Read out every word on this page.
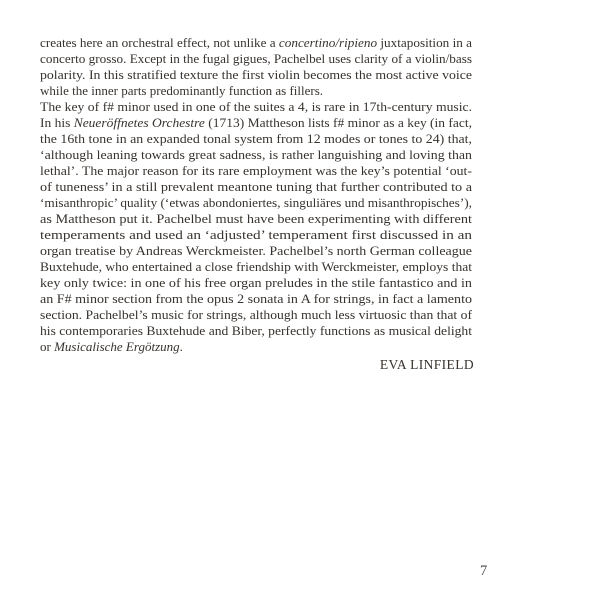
creates here an orchestral effect, not unlike a concertino/ripieno juxtaposition in a
concerto grosso. Except in the fugal gigues, Pachelbel uses clarity of a violin/bass
polarity. In this stratified texture the first violin becomes the most active voice
while the inner parts predominantly function as fillers.
The key of f# minor used in one of the suites a 4, is rare in 17th-century music.
In his Neueröffnetes Orchestre (1713) Mattheson lists f# minor as a key (in fact,
the 16th tone in an expanded tonal system from 12 modes or tones to 24) that,
‘although leaning towards great sadness, is rather languishing and loving than
lethal’. The major reason for its rare employment was the key’s potential ‘out-
of tuneness’ in a still prevalent meantone tuning that further contributed to a
‘misanthropic’ quality (‘etwas abondoniertes, singuliäres und misanthropisches’),
as Mattheson put it. Pachelbel must have been experimenting with different
temperaments and used an ‘adjusted’ temperament first discussed in an
organ treatise by Andreas Werckmeister. Pachelbel’s north German colleague
Buxtehude, who entertained a close friendship with Werckmeister, employs that
key only twice: in one of his free organ preludes in the stile fantastico and in
an F# minor section from the opus 2 sonata in A for strings, in fact a lamento
section. Pachelbel’s music for strings, although much less virtuosic than that of
his contemporaries Buxtehude and Biber, perfectly functions as musical delight
or Musicalische Ergötzung.
EVA LINFIELD
7
